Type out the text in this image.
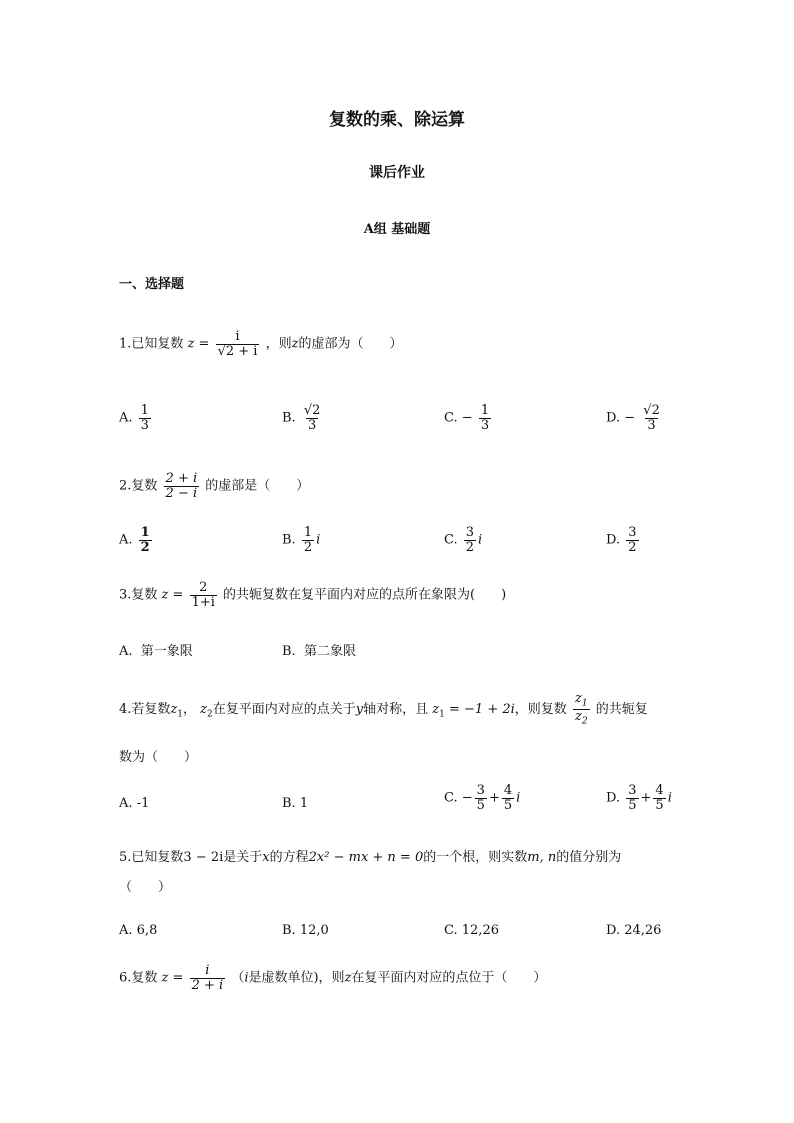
复数的乘、除运算
课后作业
A组 基础题
一、选择题
1.已知复数 $z = \frac{i}{√2 + i}$ ，则z的虚部为（　　）
A. $\frac{1}{3}$	B. $\frac{√2}{3}$	C. − $\frac{1}{3}$	D. − $\frac{√2}{3}$
2.复数 $\frac{2 + i}{2 - i}$ 的虚部是（　　）
A. $\frac{1}{2}$	B. $\frac{1}{2}$ i	C. $\frac{3}{2}$ i	D. $\frac{3}{2}$
3.复数 $z = \frac{2}{1+i}$ 的共轭复数在复平面内对应的点所在象限为(　　)
A. 第一象限	B. 第二象限
4.若复数$z_1$， $z_2$在复平面内对应的点关于y轴对称，且 $z_1 = -1 + 2i$，则复数 $\frac{z_1}{z_2}$ 的共轭复
数为（　　）
A. -1	B. 1	C. − $\frac{3}{5} + \frac{4}{5}$ i	D. $\frac{3}{5} + \frac{4}{5}$ i
5.已知复数3 − 2i是关于x的方程2x² − mx + n = 0的一个根，则实数m, n的值分别为
（　　）
A. 6,8	B. 12,0	C. 12,26	D. 24,26
6.复数 $z = \frac{i}{2 + i} (i$是虚数单位)，则z在复平面内对应的点位于（　　）
